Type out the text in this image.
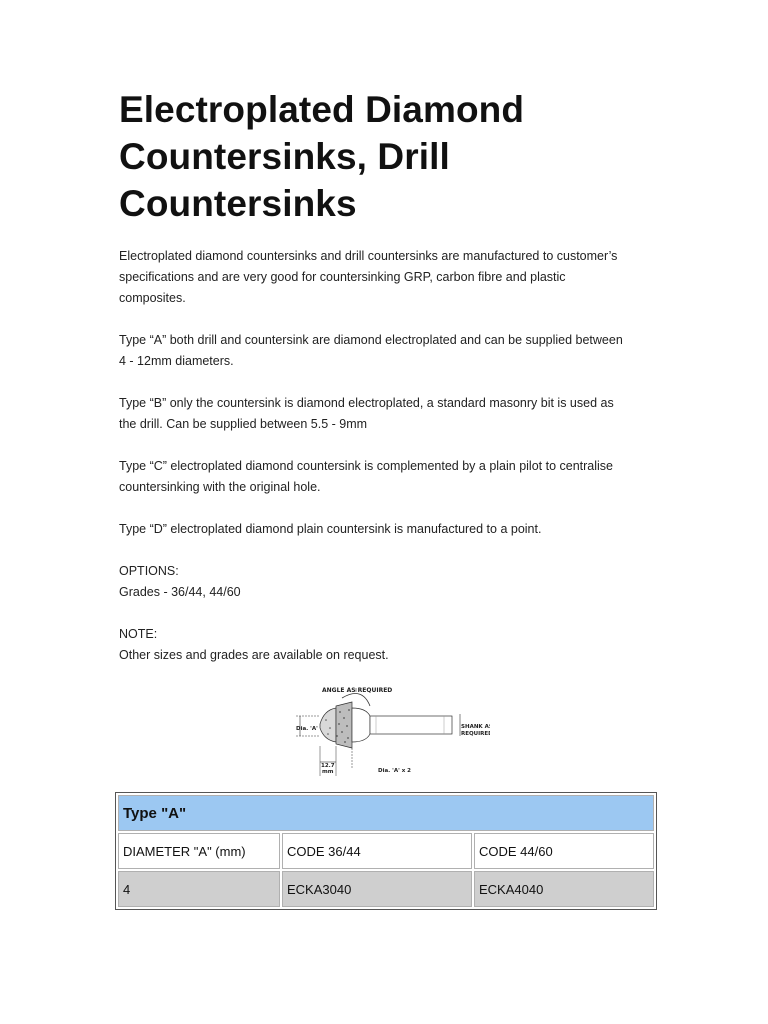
Electroplated Diamond
Countersinks, Drill
Countersinks

Electroplated diamond countersinks and drill countersinks are manufactured to customer’s
specifications and are very good for countersinking GRP, carbon fibre and plastic
composites.

Type “A” both drill and countersink are diamond electroplated and can be supplied between
4 - 12mm diameters.

Type “B” only the countersink is diamond electroplated, a standard masonry bit is used as
the drill. Can be supplied between 5.5 - 9mm

Type “C” electroplated diamond countersink is complemented by a plain pilot to centralise
countersinking with the original hole.

Type “D” electroplated diamond plain countersink is manufactured to a point.

OPTIONS:
Grades - 36/44, 44/60

NOTE:
Other sizes and grades are available on request.

ANGLE AS REQUIRED
Dia. 'A'	SHANK AS
REQUIRED
12.7
mm	Dia. 'A' x 2
Type "A"		
DIAMETER "A" (mm)	CODE 36/44	CODE 44/60
4	ECKA3040	ECKA4040
